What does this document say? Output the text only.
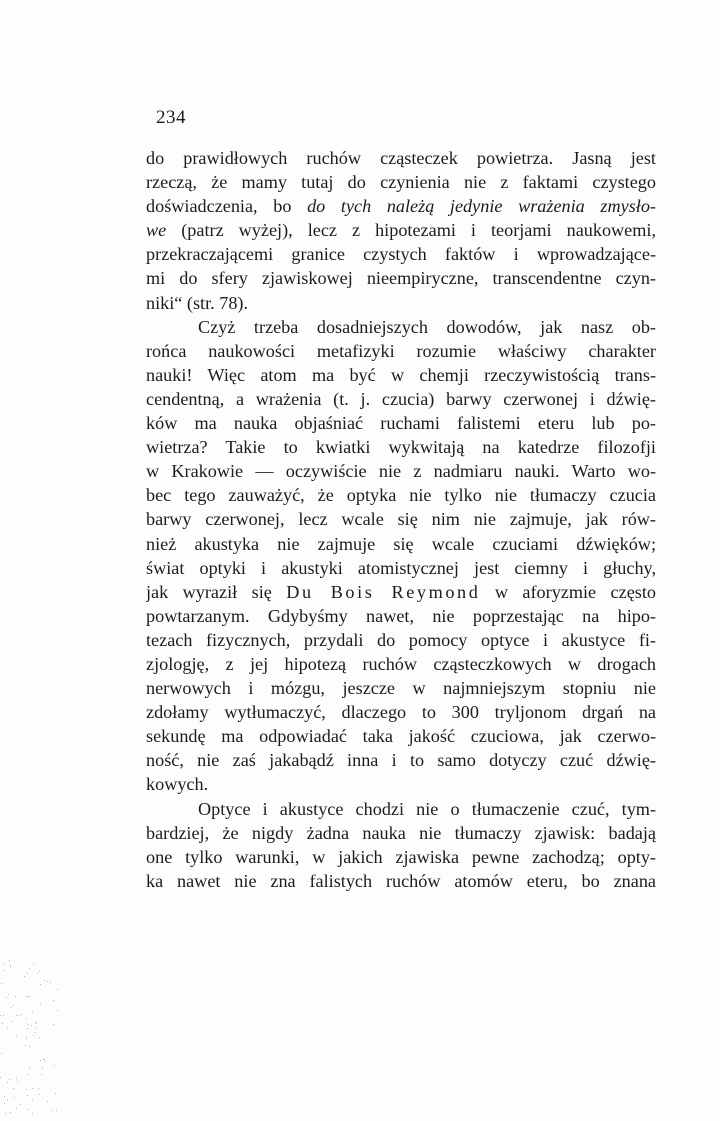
234
do prawidłowych ruchów cząsteczek powietrza. Jasną jest
rzeczą, że mamy tutaj do czynienia nie z faktami czystego
doświadczenia, bo do tych należą jedynie wrażenia zmysło-
we (patrz wyżej), lecz z hipotezami i teorjami naukowemi,
przekraczającemi granice czystych faktów i wprowadzające-
mi do sfery zjawiskowej nieempiryczne, transcendentne czyn-
niki“ (str. 78).
Czyż trzeba dosadniejszych dowodów, jak nasz ob-
rońca naukowości metafizyki rozumie właściwy charakter
nauki! Więc atom ma być w chemji rzeczywistością trans-
cendentną, a wrażenia (t. j. czucia) barwy czerwonej i dźwię-
ków ma nauka objaśniać ruchami falistemi eteru lub po-
wietrza? Takie to kwiatki wykwitają na katedrze filozofji
w Krakowie — oczywiście nie z nadmiaru nauki. Warto wo-
bec tego zauważyć, że optyka nie tylko nie tłumaczy czucia
barwy czerwonej, lecz wcale się nim nie zajmuje, jak rów-
nież akustyka nie zajmuje się wcale czuciami dźwięków;
świat optyki i akustyki atomistycznej jest ciemny i głuchy,
jak wyraził się Du Bois Reymond w aforyzmie często
powtarzanym. Gdybyśmy nawet, nie poprzestając na hipo-
tezach fizycznych, przydali do pomocy optyce i akustyce fi-
zjologję, z jej hipotezą ruchów cząsteczkowych w drogach
nerwowych i mózgu, jeszcze w najmniejszym stopniu nie
zdołamy wytłumaczyć, dlaczego to 300 tryljonom drgań na
sekundę ma odpowiadać taka jakość czuciowa, jak czerwo-
ność, nie zaś jakabądź inna i to samo dotyczy czuć dźwię-
kowych.
Optyce i akustyce chodzi nie o tłumaczenie czuć, tym-
bardziej, że nigdy żadna nauka nie tłumaczy zjawisk: badają
one tylko warunki, w jakich zjawiska pewne zachodzą; opty-
ka nawet nie zna falistych ruchów atomów eteru, bo znana
